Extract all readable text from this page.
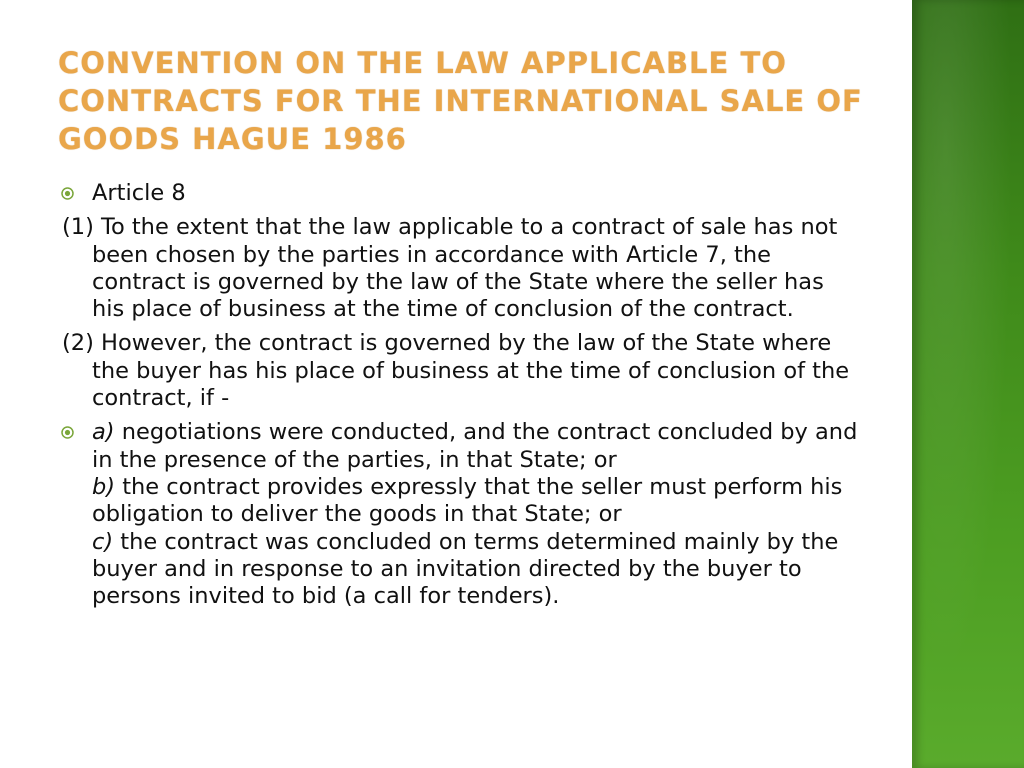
CONVENTION ON THE LAW APPLICABLE TO CONTRACTS FOR THE INTERNATIONAL SALE OF GOODS HAGUE 1986
Article 8

(1) To the extent that the law applicable to a contract of sale has not been chosen by the parties in accordance with Article 7, the contract is governed by the law of the State where the seller has his place of business at the time of conclusion of the contract.

(2) However, the contract is governed by the law of the State where the buyer has his place of business at the time of conclusion of the contract, if -

a) negotiations were conducted, and the contract concluded by and in the presence of the parties, in that State; or
b) the contract provides expressly that the seller must perform his obligation to deliver the goods in that State; or
c) the contract was concluded on terms determined mainly by the buyer and in response to an invitation directed by the buyer to persons invited to bid (a call for tenders).
